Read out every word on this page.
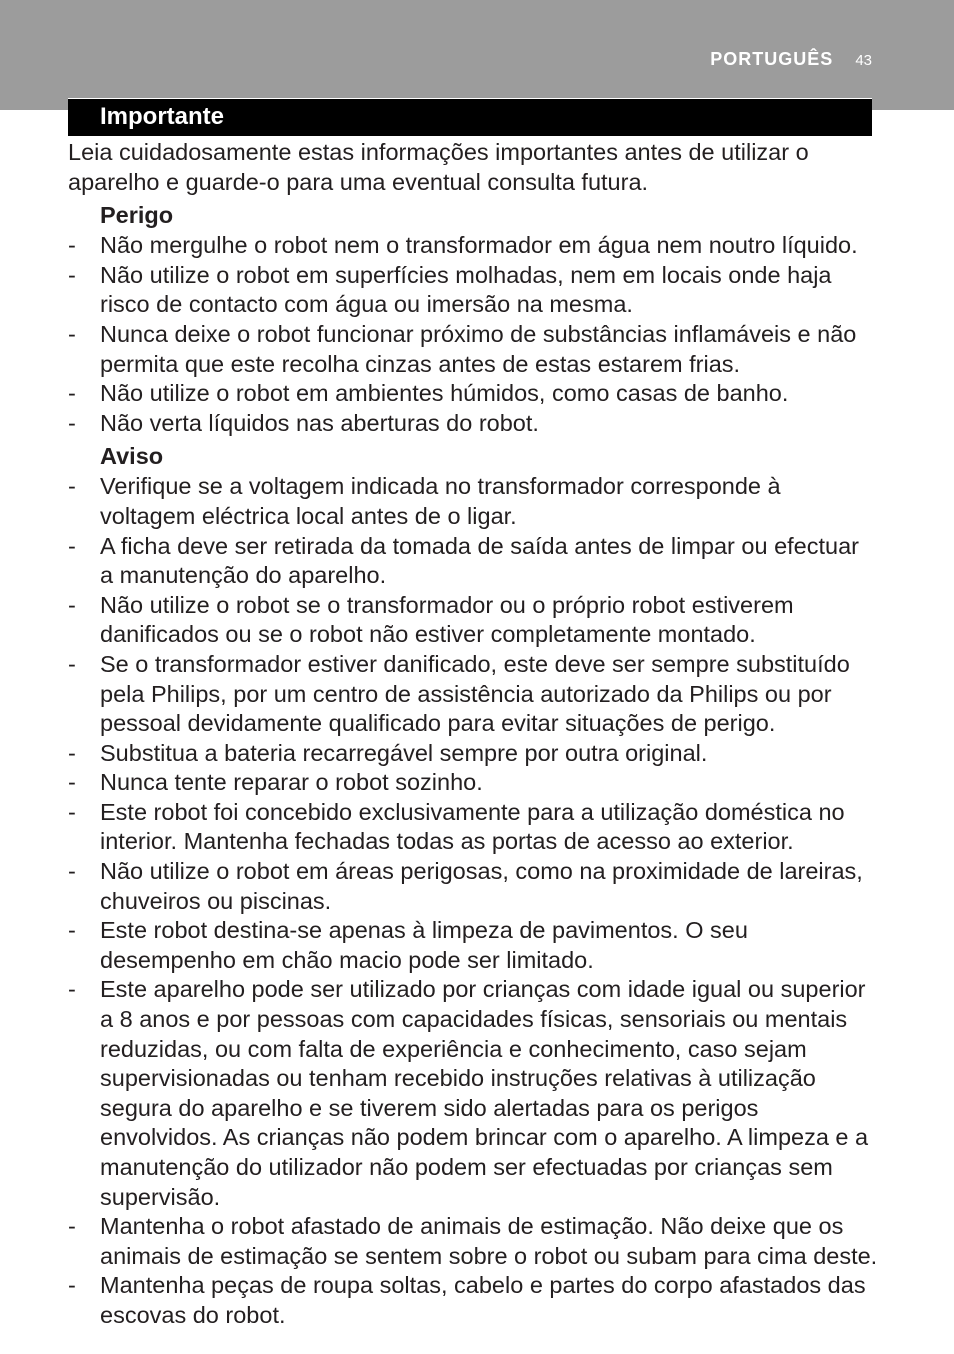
PORTUGUÊS 43
Importante

Leia cuidadosamente estas informações importantes antes de utilizar o aparelho e guarde-o para uma eventual consulta futura.

Perigo

- Não mergulhe o robot nem o transformador em água nem noutro líquido.
- Não utilize o robot em superfícies molhadas, nem em locais onde haja risco de contacto com água ou imersão na mesma.
- Nunca deixe o robot funcionar próximo de substâncias inflamáveis e não permita que este recolha cinzas antes de estas estarem frias.
- Não utilize o robot em ambientes húmidos, como casas de banho.
- Não verta líquidos nas aberturas do robot.

Aviso

- Verifique se a voltagem indicada no transformador corresponde à voltagem eléctrica local antes de o ligar.
- A ficha deve ser retirada da tomada de saída antes de limpar ou efectuar a manutenção do aparelho.
- Não utilize o robot se o transformador ou o próprio robot estiverem danificados ou se o robot não estiver completamente montado.
- Se o transformador estiver danificado, este deve ser sempre substituído pela Philips, por um centro de assistência autorizado da Philips ou por pessoal devidamente qualificado para evitar situações de perigo.
- Substitua a bateria recarregável sempre por outra original.
- Nunca tente reparar o robot sozinho.
- Este robot foi concebido exclusivamente para a utilização doméstica no interior. Mantenha fechadas todas as portas de acesso ao exterior.
- Não utilize o robot em áreas perigosas, como na proximidade de lareiras, chuveiros ou piscinas.
- Este robot destina-se apenas à limpeza de pavimentos. O seu desempenho em chão macio pode ser limitado.
- Este aparelho pode ser utilizado por crianças com idade igual ou superior a 8 anos e por pessoas com capacidades físicas, sensoriais ou mentais reduzidas, ou com falta de experiência e conhecimento, caso sejam supervisionadas ou tenham recebido instruções relativas à utilização segura do aparelho e se tiverem sido alertadas para os perigos envolvidos. As crianças não podem brincar com o aparelho. A limpeza e a manutenção do utilizador não podem ser efectuadas por crianças sem supervisão.
- Mantenha o robot afastado de animais de estimação. Não deixe que os animais de estimação se sentem sobre o robot ou subam para cima deste.
- Mantenha peças de roupa soltas, cabelo e partes do corpo afastados das escovas do robot.
